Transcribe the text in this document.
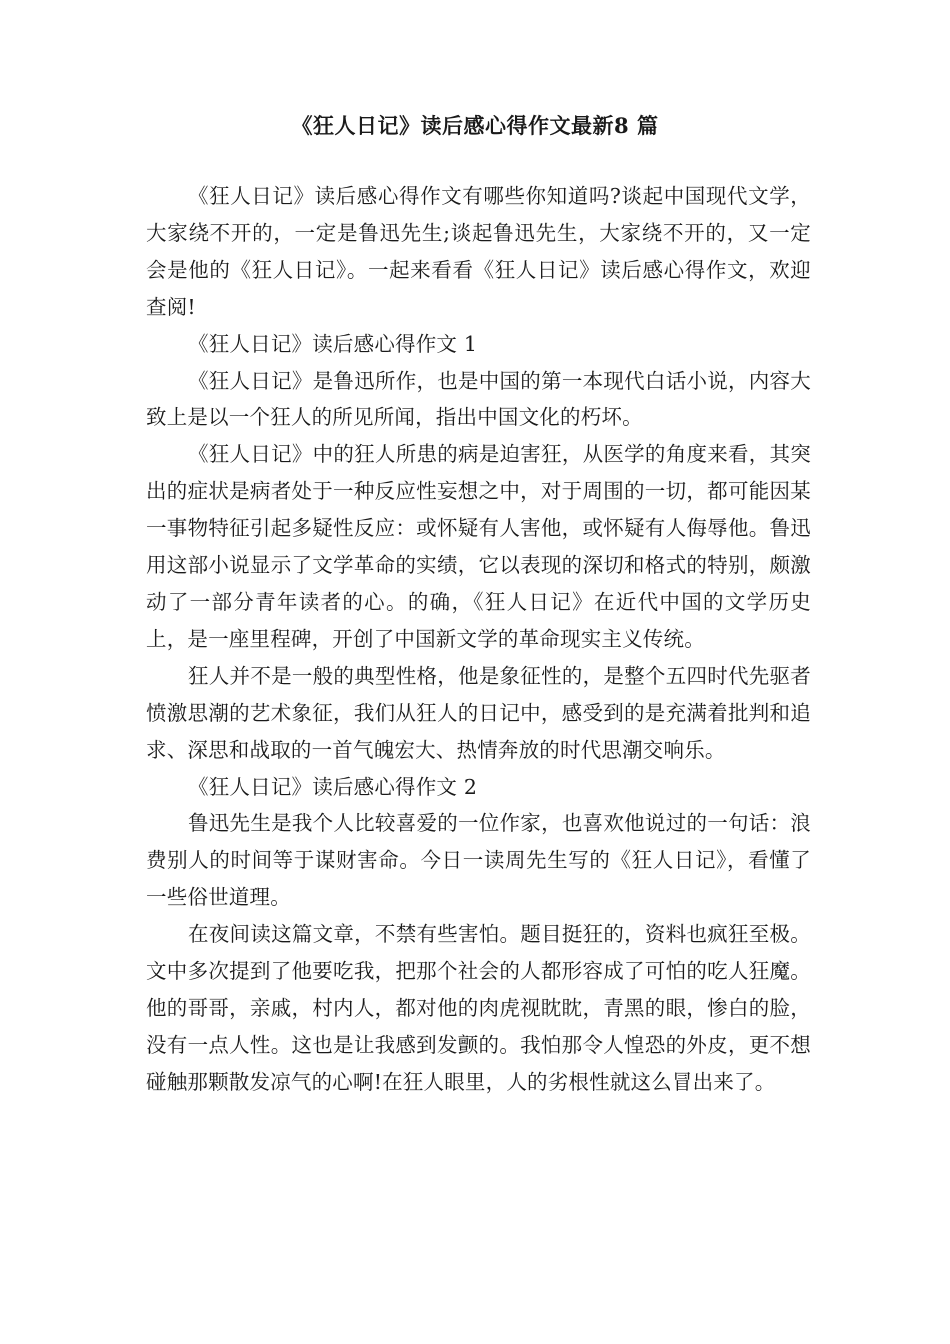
《狂人日记》读后感心得作文最新8 篇

《狂人日记》读后感心得作文有哪些你知道吗?谈起中国现代文学，大家绕不开的，一定是鲁迅先生;谈起鲁迅先生，大家绕不开的，又一定会是他的《狂人日记》。一起来看看《狂人日记》读后感心得作文，欢迎查阅!

《狂人日记》读后感心得作文 1

《狂人日记》是鲁迅所作，也是中国的第一本现代白话小说，内容大致上是以一个狂人的所见所闻，指出中国文化的朽坏。

《狂人日记》中的狂人所患的病是迫害狂，从医学的角度来看，其突出的症状是病者处于一种反应性妄想之中，对于周围的一切，都可能因某一事物特征引起多疑性反应：或怀疑有人害他，或怀疑有人侮辱他。鲁迅用这部小说显示了文学革命的实绩，它以表现的深切和格式的特别，颇激动了一部分青年读者的心。的确，《狂人日记》在近代中国的文学历史上，是一座里程碑，开创了中国新文学的革命现实主义传统。

狂人并不是一般的典型性格，他是象征性的，是整个五四时代先驱者愤激思潮的艺术象征，我们从狂人的日记中，感受到的是充满着批判和追求、深思和战取的一首气魄宏大、热情奔放的时代思潮交响乐。

《狂人日记》读后感心得作文 2

鲁迅先生是我个人比较喜爱的一位作家，也喜欢他说过的一句话：浪费别人的时间等于谋财害命。今日一读周先生写的《狂人日记》，看懂了一些俗世道理。

在夜间读这篇文章，不禁有些害怕。题目挺狂的，资料也疯狂至极。文中多次提到了他要吃我，把那个社会的人都形容成了可怕的吃人狂魔。他的哥哥，亲戚，村内人，都对他的肉虎视眈眈，青黑的眼，惨白的脸，没有一点人性。这也是让我感到发颤的。我怕那令人惶恐的外皮，更不想碰触那颗散发凉气的心啊!在狂人眼里，人的劣根性就这么冒出来了。
